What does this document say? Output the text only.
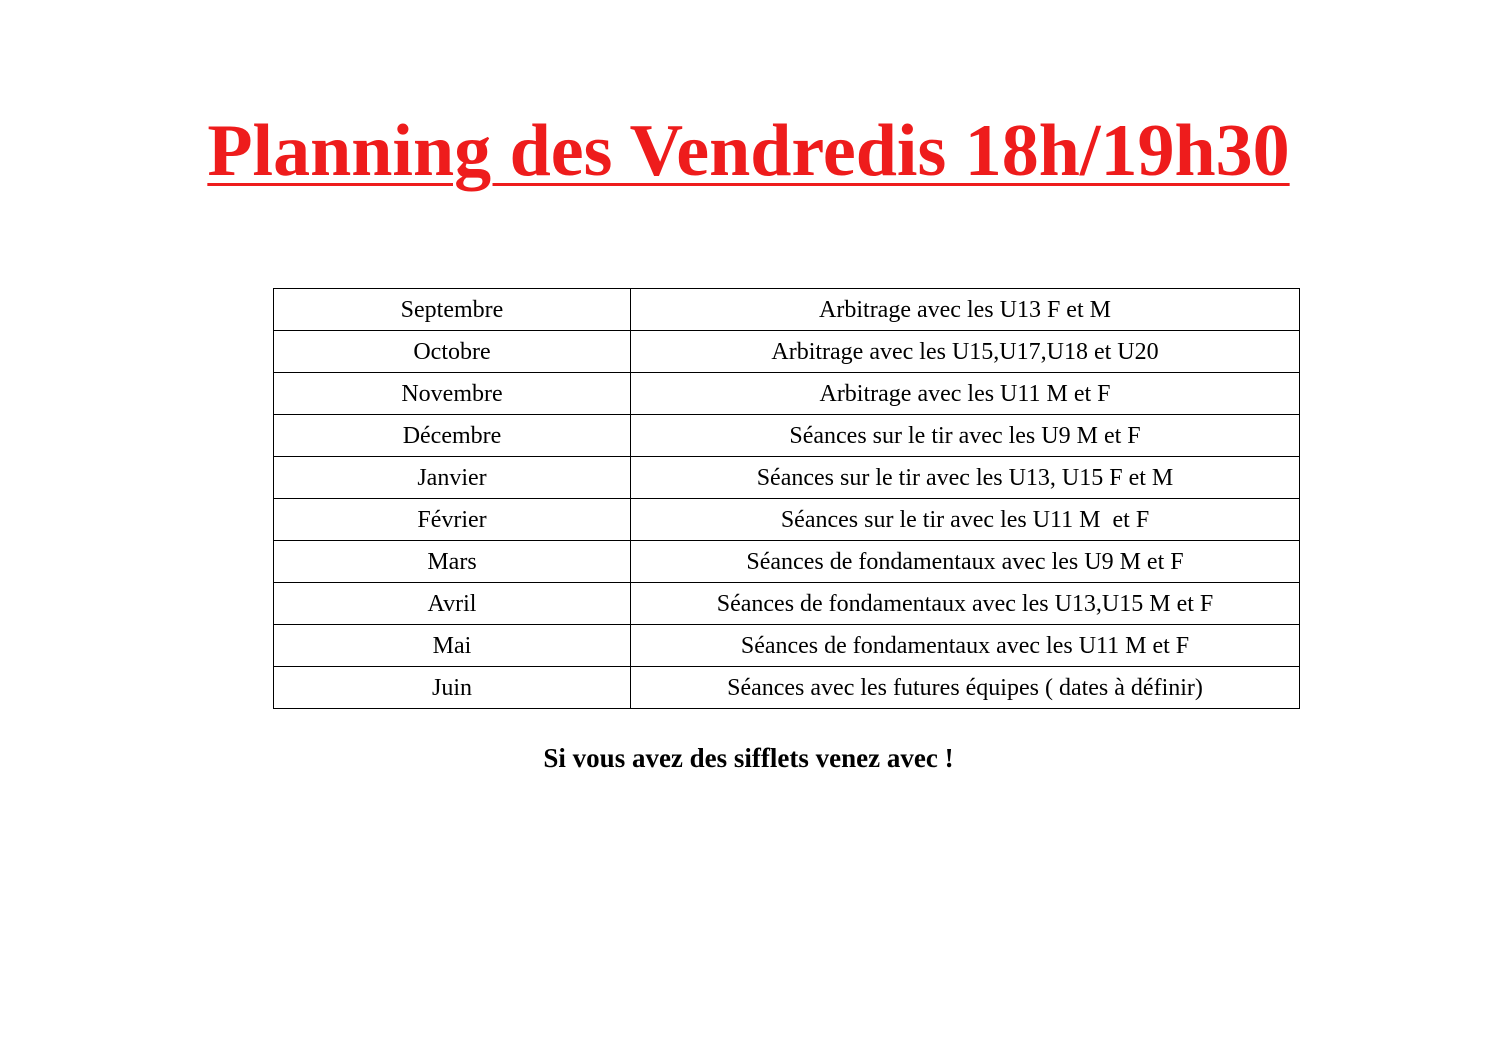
Planning des Vendredis 18h/19h30
Septembre	Arbitrage avec les U13 F et M
Octobre	Arbitrage avec les U15,U17,U18 et U20
Novembre	Arbitrage avec les U11 M et F
Décembre	Séances sur le tir avec les U9 M et F
Janvier	Séances sur le tir avec les U13, U15 F et M
Février	Séances sur le tir avec les U11 M  et F
Mars	Séances de fondamentaux avec les U9 M et F
Avril	Séances de fondamentaux avec les U13,U15 M et F
Mai	Séances de fondamentaux avec les U11 M et F
Juin	Séances avec les futures équipes ( dates à définir)

Si vous avez des sifflets venez avec !
